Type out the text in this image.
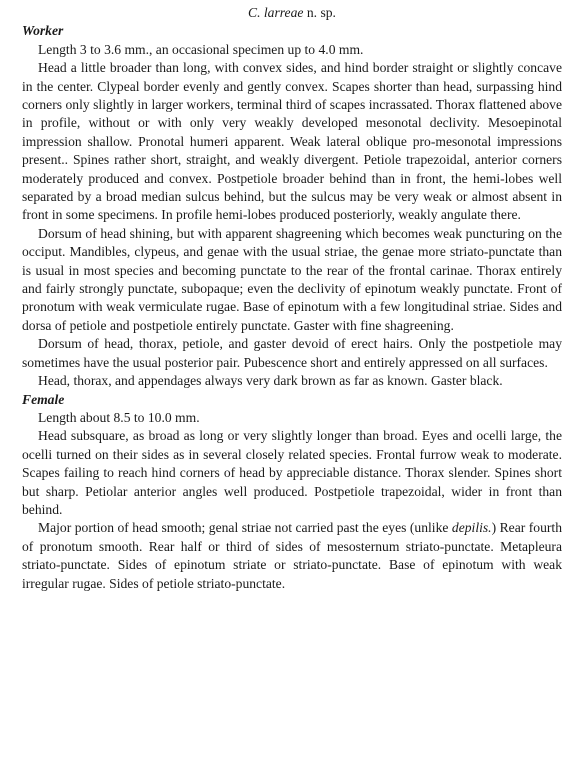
C. larreae n. sp.
Worker

Length 3 to 3.6 mm., an occasional specimen up to 4.0 mm.

Head a little broader than long, with convex sides, and hind border straight or slightly concave in the center. Clypeal border evenly and gently convex. Scapes shorter than head, surpassing hind corners only slightly in larger workers, terminal third of scapes incrassated. Thorax flattened above in profile, without or with only very weakly developed mesonotal declivity. Mesoepinotal impression shallow. Pronotal humeri apparent. Weak lateral oblique pro-mesonotal impressions present.. Spines rather short, straight, and weakly divergent. Petiole trapezoidal, anterior corners moderately produced and convex. Postpetiole broader behind than in front, the hemi-lobes well separated by a broad median sulcus behind, but the sulcus may be very weak or almost absent in front in some specimens. In profile hemi-lobes produced posteriorly, weakly angulate there.

Dorsum of head shining, but with apparent shagreening which becomes weak puncturing on the occiput. Mandibles, clypeus, and genae with the usual striae, the genae more striato-punctate than is usual in most species and becoming punctate to the rear of the frontal carinae. Thorax entirely and fairly strongly punctate, subopaque; even the declivity of epinotum weakly punctate. Front of pronotum with weak vermiculate rugae. Base of epinotum with a few longitudinal striae. Sides and dorsa of petiole and postpetiole entirely punctate. Gaster with fine shagreening.

Dorsum of head, thorax, petiole, and gaster devoid of erect hairs. Only the postpetiole may sometimes have the usual posterior pair. Pubescence short and entirely appressed on all surfaces.

Head, thorax, and appendages always very dark brown as far as known. Gaster black.

Female

Length about 8.5 to 10.0 mm.

Head subsquare, as broad as long or very slightly longer than broad. Eyes and ocelli large, the ocelli turned on their sides as in several closely related species. Frontal furrow weak to moderate. Scapes failing to reach hind corners of head by appreciable distance. Thorax slender. Spines short but sharp. Petiolar anterior angles well produced. Postpetiole trapezoidal, wider in front than behind.

Major portion of head smooth; genal striae not carried past the eyes (unlike depilis.) Rear fourth of pronotum smooth. Rear half or third of sides of mesosternum striato-punctate. Metapleura striato-punctate. Sides of epinotum striate or striato-punctate. Base of epinotum with weak irregular rugae. Sides of petiole striato-punctate.
